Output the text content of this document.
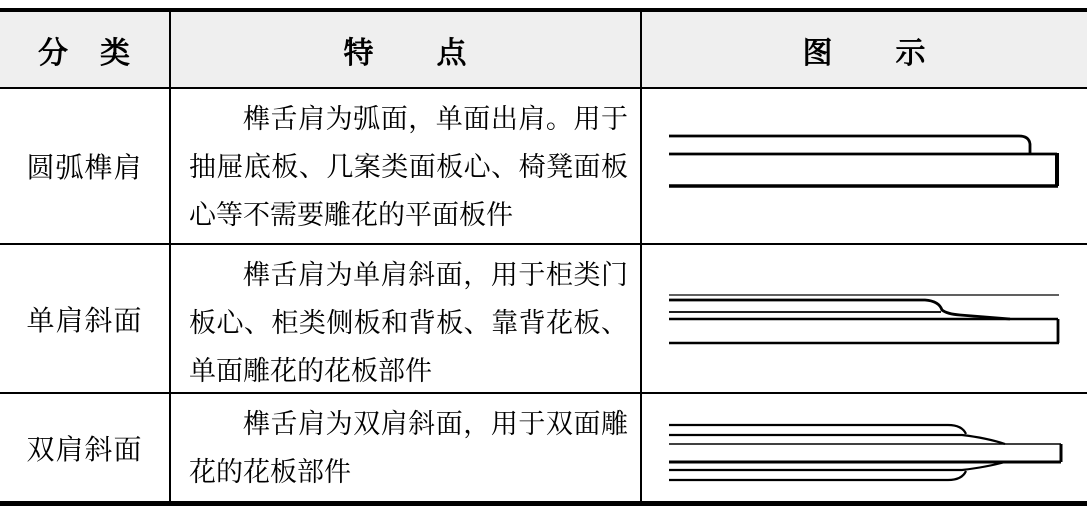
分　类	特　　点	图　　示
圆弧榫肩
榫舌肩为弧面，单面出肩。用于抽屉底板、几案类面板心、椅凳面板心等不需要雕花的平面板件
单肩斜面
榫舌肩为单肩斜面，用于柜类门板心、柜类侧板和背板、靠背花板、单面雕花的花板部件
双肩斜面
榫舌肩为双肩斜面，用于双面雕花的花板部件
